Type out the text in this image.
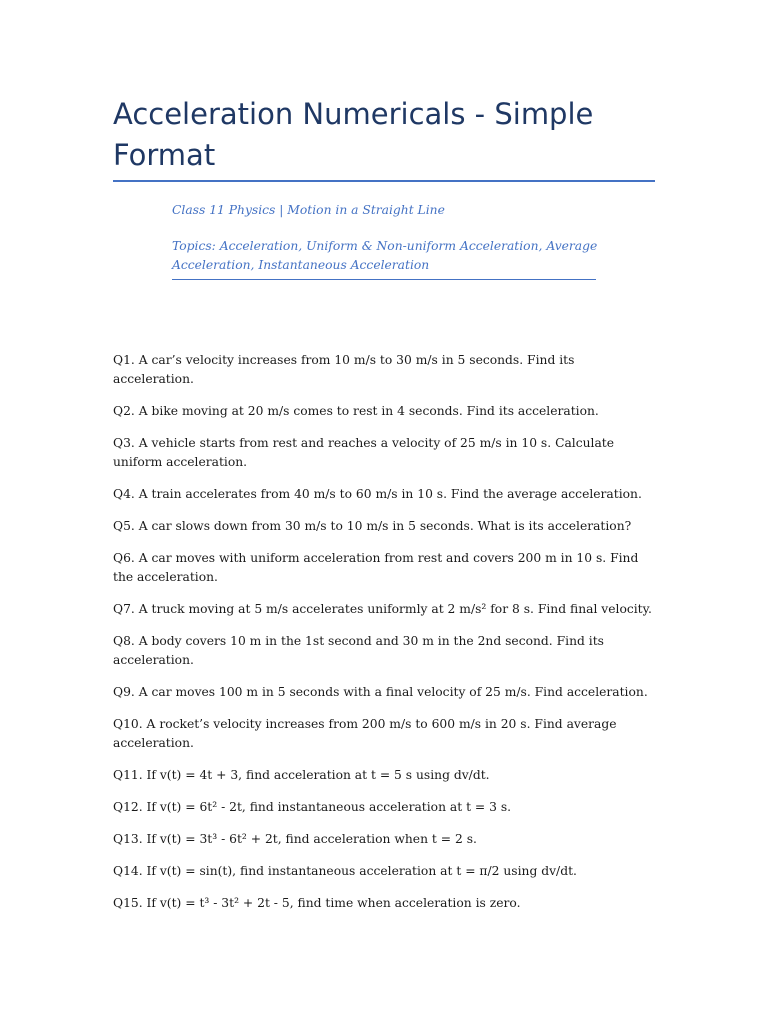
Acceleration Numericals - Simple Format

Class 11 Physics | Motion in a Straight Line

Topics: Acceleration, Uniform & Non-uniform Acceleration, Average Acceleration, Instantaneous Acceleration

Q1. A car’s velocity increases from 10 m/s to 30 m/s in 5 seconds. Find its acceleration.
Q2. A bike moving at 20 m/s comes to rest in 4 seconds. Find its acceleration.
Q3. A vehicle starts from rest and reaches a velocity of 25 m/s in 10 s. Calculate uniform acceleration.
Q4. A train accelerates from 40 m/s to 60 m/s in 10 s. Find the average acceleration.
Q5. A car slows down from 30 m/s to 10 m/s in 5 seconds. What is its acceleration?
Q6. A car moves with uniform acceleration from rest and covers 200 m in 10 s. Find the acceleration.
Q7. A truck moving at 5 m/s accelerates uniformly at 2 m/s² for 8 s. Find final velocity.
Q8. A body covers 10 m in the 1st second and 30 m in the 2nd second. Find its acceleration.
Q9. A car moves 100 m in 5 seconds with a final velocity of 25 m/s. Find acceleration.
Q10. A rocket’s velocity increases from 200 m/s to 600 m/s in 20 s. Find average acceleration.
Q11. If v(t) = 4t + 3, find acceleration at t = 5 s using dv/dt.
Q12. If v(t) = 6t² - 2t, find instantaneous acceleration at t = 3 s.
Q13. If v(t) = 3t³ - 6t² + 2t, find acceleration when t = 2 s.
Q14. If v(t) = sin(t), find instantaneous acceleration at t = π/2 using dv/dt.
Q15. If v(t) = t³ - 3t² + 2t - 5, find time when acceleration is zero.
